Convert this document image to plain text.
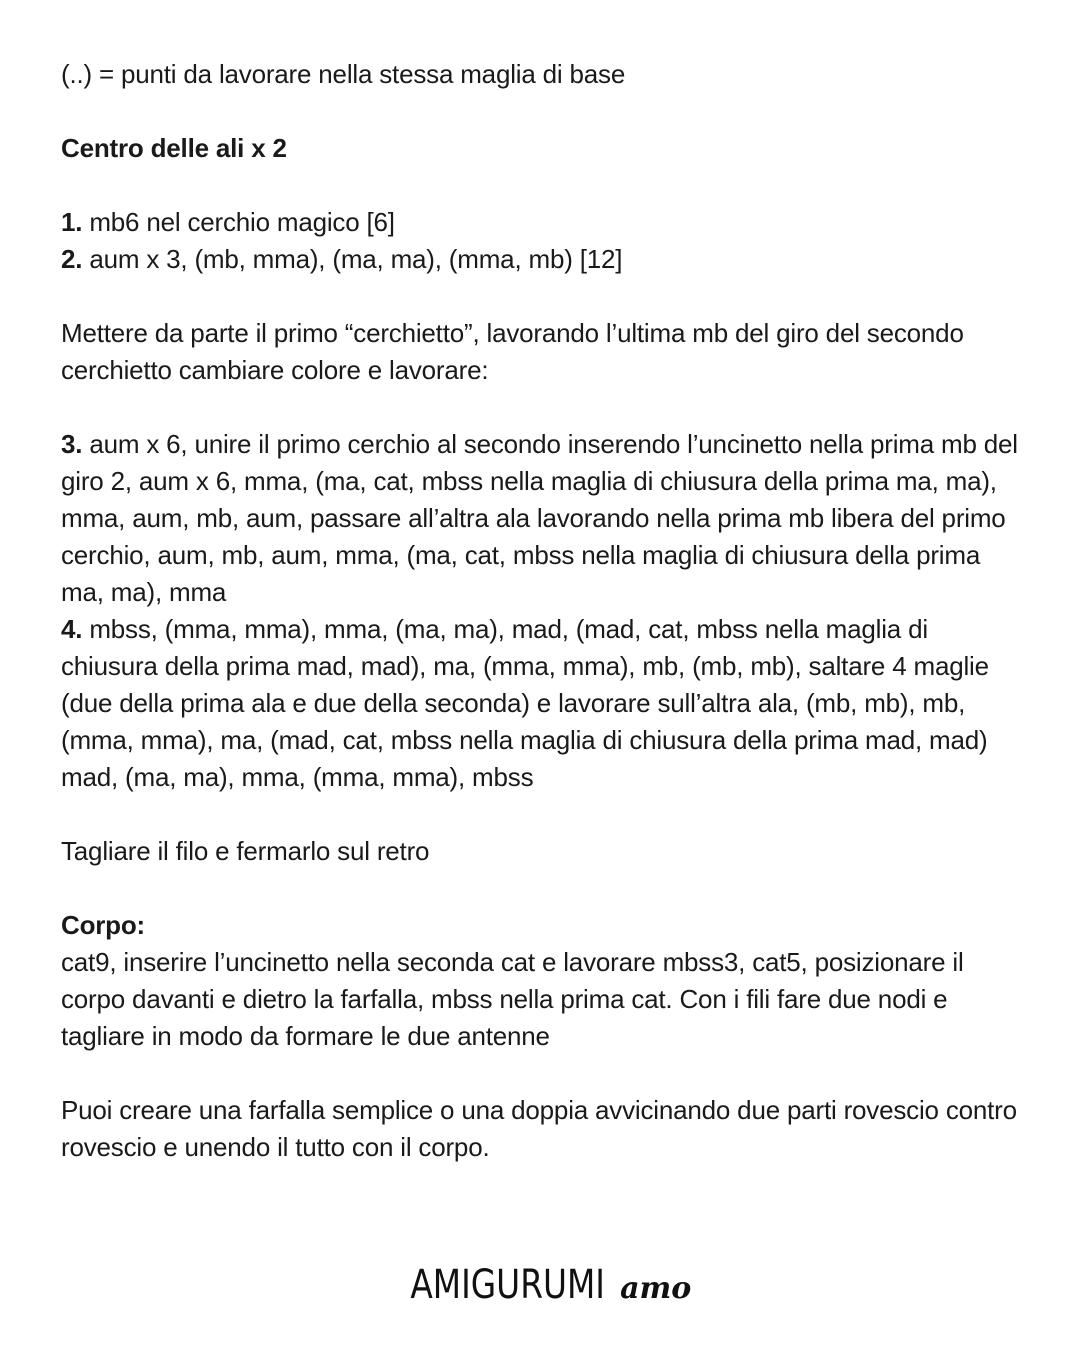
(..) = punti da lavorare nella stessa maglia di base

Centro delle ali x 2

1. mb6 nel cerchio magico [6]

2. aum x 3, (mb, mma), (ma, ma), (mma, mb) [12]

Mettere da parte il primo “cerchietto”, lavorando l’ultima mb del giro del secondo cerchietto cambiare colore e lavorare:

3. aum x 6, unire il primo cerchio al secondo inserendo l’uncinetto nella prima mb del giro 2, aum x 6, mma, (ma, cat, mbss nella maglia di chiusura della prima ma, ma), mma, aum, mb, aum, passare all’altra ala lavorando nella prima mb libera del primo cerchio, aum, mb, aum, mma, (ma, cat, mbss nella maglia di chiusura della prima ma, ma), mma

4. mbss, (mma, mma), mma, (ma, ma), mad, (mad, cat, mbss nella maglia di chiusura della prima mad, mad), ma, (mma, mma), mb, (mb, mb), saltare 4 maglie (due della prima ala e due della seconda) e lavorare sull’altra ala, (mb, mb), mb, (mma, mma), ma, (mad, cat, mbss nella maglia di chiusura della prima mad, mad) mad, (ma, ma), mma, (mma, mma), mbss

Tagliare il filo e fermarlo sul retro

Corpo:

cat9, inserire l’uncinetto nella seconda cat e lavorare mbss3, cat5, posizionare il corpo davanti e dietro la farfalla, mbss nella prima cat. Con i fili fare due nodi e tagliare in modo da formare le due antenne

Puoi creare una farfalla semplice o una doppia avvicinando due parti rovescio contro rovescio e unendo il tutto con il corpo.

AMIGURUMI amo
